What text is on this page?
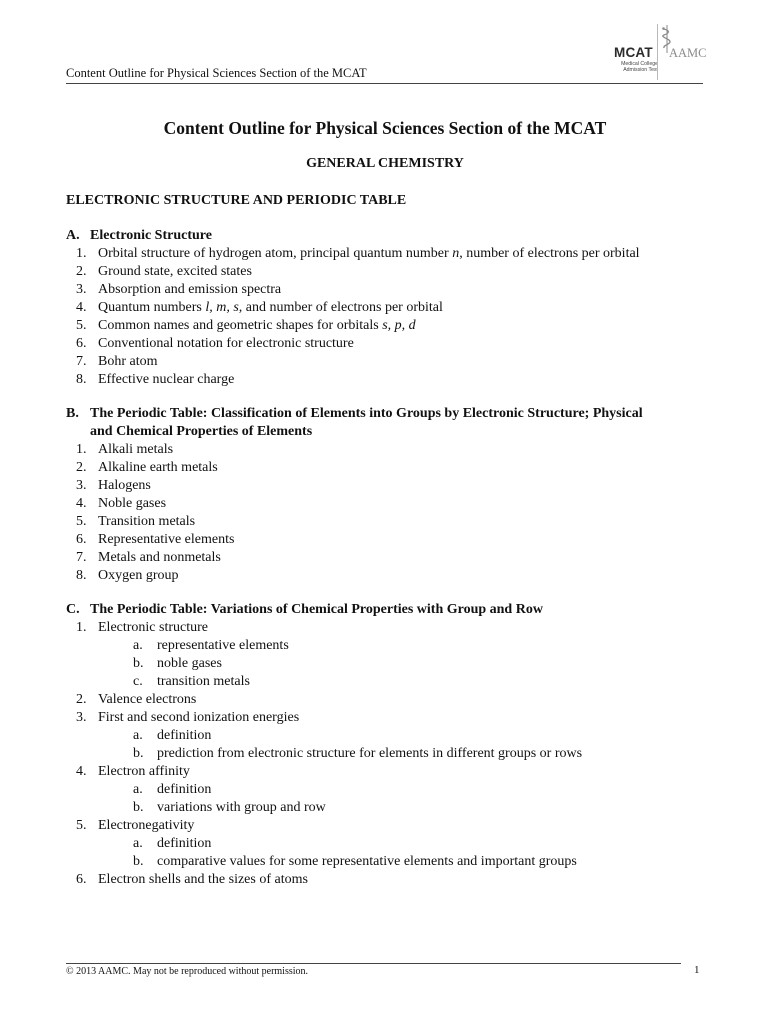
Content Outline for Physical Sciences Section of the MCAT
MCAT
Medical College
Admission Test
AAMC
Content Outline for Physical Sciences Section of the MCAT
GENERAL CHEMISTRY
ELECTRONIC STRUCTURE AND PERIODIC TABLE
A. Electronic Structure
1. Orbital structure of hydrogen atom, principal quantum number n, number of electrons per orbital
2. Ground state, excited states
3. Absorption and emission spectra
4. Quantum numbers l, m, s, and number of electrons per orbital
5. Common names and geometric shapes for orbitals s, p, d
6. Conventional notation for electronic structure
7. Bohr atom
8. Effective nuclear charge
B. The Periodic Table: Classification of Elements into Groups by Electronic Structure; Physical
and Chemical Properties of Elements
1. Alkali metals
2. Alkaline earth metals
3. Halogens
4. Noble gases
5. Transition metals
6. Representative elements
7. Metals and nonmetals
8. Oxygen group
C. The Periodic Table: Variations of Chemical Properties with Group and Row
1. Electronic structure
a.	representative elements
b. noble gases
c.	transition metals
2. Valence electrons
3. First and second ionization energies
a.	definition
b. prediction from electronic structure for elements in different groups or rows
4. Electron affinity
a.	definition
b. variations with group and row
5. Electronegativity
a.	definition
b. comparative values for some representative elements and important groups
6. Electron shells and the sizes of atoms
© 2013 AAMC. May not be reproduced without permission.	1
